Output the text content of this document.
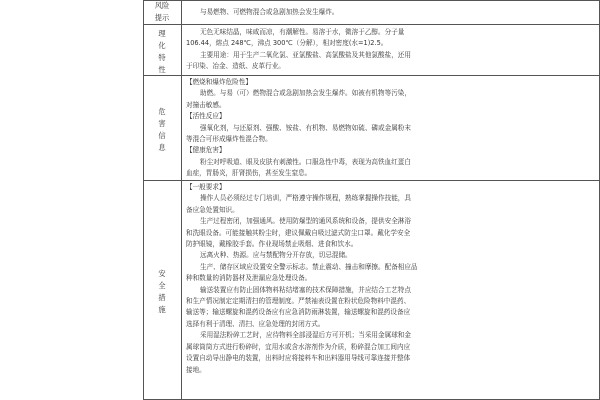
风险
提示

与易燃物、可燃物混合或急剧加热会发生爆炸。

理
化
特
性

无色无味结晶，味咸而凉，有潮解性。易溶于水，微溶于乙醇。分子量

106.44，熔点 248℃，沸点 300℃（分解），相对密度(水=1)2.5。

主要用途：用于生产二氧化氯、亚氯酸盐、高氯酸盐及其他氯酸盐，还用

于印染、冶金、造纸、皮革行业。

危
害
信
息

【燃烧和爆炸危险性】

助燃。与易（可）燃物混合或急剧加热会发生爆炸。如被有机物等污染，

对撞击敏感。

【活性反应】

强氧化剂，与还原剂、强酸、铵盐、有机物、易燃物如硫、磷或金属粉末

等混合可形成爆炸性混合物。

【健康危害】

粉尘对呼吸道、眼及皮肤有刺激性。口服急性中毒，表现为高铁血红蛋白

血症，胃肠炎，肝肾损伤，甚至发生窒息。

安
全
措
施

【一般要求】

操作人员必须经过专门培训，严格遵守操作规程，熟练掌握操作技能，具

备应急处置知识。

生产过程密闭，加强通风。使用防爆型的通风系统和设备，提供安全淋浴

和洗眼设备。可能接触其粉尘时，建议佩戴自吸过滤式防尘口罩。戴化学安全

防护眼镜，戴橡胶手套。作业现场禁止吸烟、进食和饮水。

远离火种、热源。应与禁配物分开存放，切忌混储。

生产、储存区域应设置安全警示标志。禁止震动、撞击和摩擦。配备相应品

种和数量的消防器材及泄漏应急处理设备。

输送装置应有防止固体物料粘结堵塞的技术保障措施，并应结合工艺特点

和生产情况制定定期清扫的管理制度。严禁袖表设置在粉状危险物料中混药、

输送等；输送螺旋和混药设备应有应急消防雨淋装置，输送螺旋和混药设备应

选择有利于清理、清扫、应急处理的封闭方式。

采用湿法粉碎工艺时，应待物料全部浸湿后方可开机；当采用金属球和金

属球筒筒方式进行粉碎时，宜用水或含水溶剂作为介质，粉碎混合加工间内应

设置自动导出静电的装置，出料时应将接料车和出料器用导线可靠连接并整体

接地。
